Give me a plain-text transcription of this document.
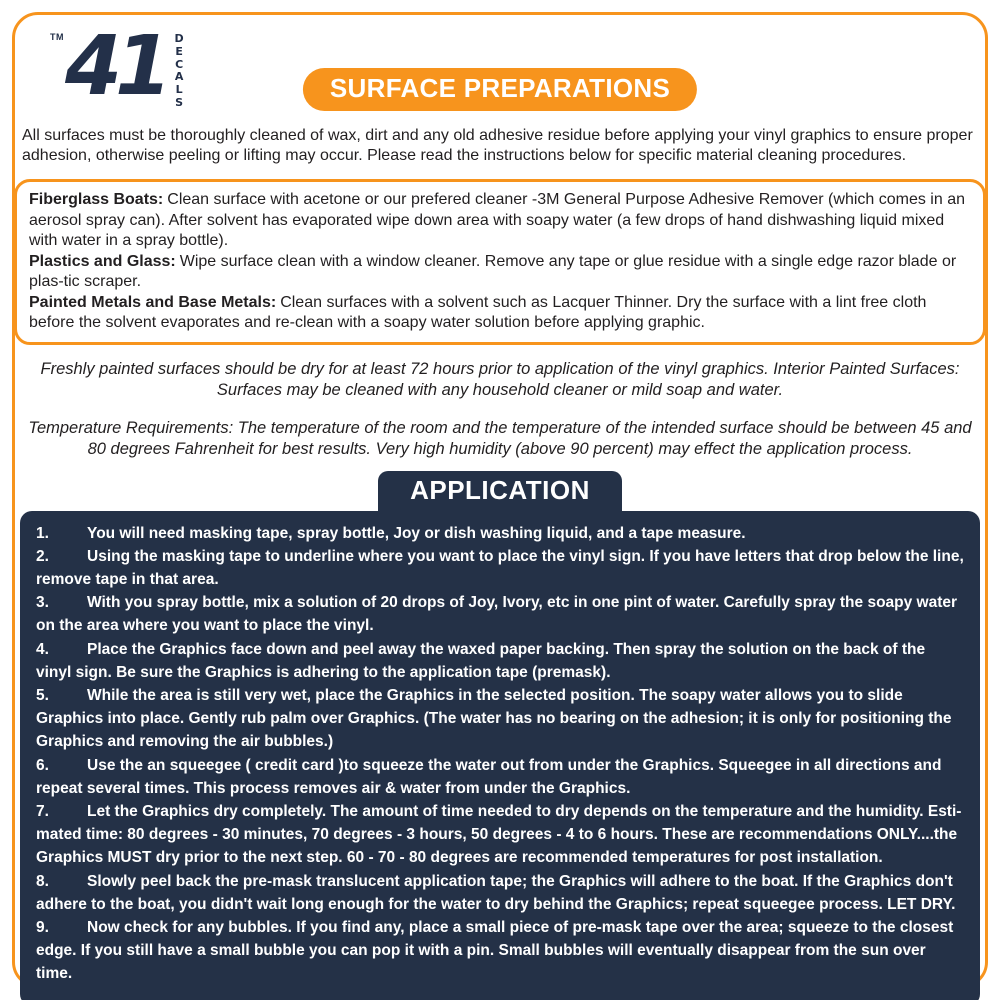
TM 41 DECALS	SURFACE PREPARATIONS

All surfaces must be thoroughly cleaned of wax, dirt and any old adhesive residue before applying your vinyl graphics to ensure proper adhesion, otherwise peeling or lifting may occur. Please read the instructions below for specific material cleaning procedures.

Fiberglass Boats: Clean surface with acetone or our prefered cleaner -3M General Purpose Adhesive Remover (which comes in an aerosol spray can). After solvent has evaporated wipe down area with soapy water (a few drops of hand dishwashing liquid mixed with water in a spray bottle).

Plastics and Glass: Wipe surface clean with a window cleaner. Remove any tape or glue residue with a single edge razor blade or plas-tic scraper.

Painted Metals and Base Metals: Clean surfaces with a solvent such as Lacquer Thinner. Dry the surface with a lint free cloth before the solvent evaporates and re-clean with a soapy water solution before applying graphic.

Freshly painted surfaces should be dry for at least 72 hours prior to application of the vinyl graphics. Interior Painted Surfaces: Surfaces may be cleaned with any household cleaner or mild soap and water.

Temperature Requirements: The temperature of the room and the temperature of the intended surface should be between 45 and 80 degrees Fahrenheit for best results. Very high humidity (above 90 percent) may effect the application process.

APPLICATION

1. You will need masking tape, spray bottle, Joy or dish washing liquid, and a tape measure.

2. Using the masking tape to underline where you want to place the vinyl sign. If you have letters that drop below the line, remove tape in that area.

3. With you spray bottle, mix a solution of 20 drops of Joy, Ivory, etc in one pint of water. Carefully spray the soapy water on the area where you want to place the vinyl.

4. Place the Graphics face down and peel away the waxed paper backing. Then spray the solution on the back of the vinyl sign. Be sure the Graphics is adhering to the application tape (premask).

5. While the area is still very wet, place the Graphics in the selected position. The soapy water allows you to slide Graphics into place. Gently rub palm over Graphics. (The water has no bearing on the adhesion; it is only for positioning the Graphics and removing the air bubbles.)

6. Use the an squeegee ( credit card )to squeeze the water out from under the Graphics. Squeegee in all directions and repeat several times. This process removes air & water from under the Graphics.

7. Let the Graphics dry completely. The amount of time needed to dry depends on the temperature and the humidity. Esti-mated time: 80 degrees - 30 minutes, 70 degrees - 3 hours, 50 degrees - 4 to 6 hours. These are recommendations ONLY....the Graphics MUST dry prior to the next step. 60 - 70 - 80 degrees are recommended temperatures for post installation.

8. Slowly peel back the pre-mask translucent application tape; the Graphics will adhere to the boat. If the Graphics don't adhere to the boat, you didn't wait long enough for the water to dry behind the Graphics; repeat squeegee process. LET DRY.

9. Now check for any bubbles. If you find any, place a small piece of pre-mask tape over the area; squeeze to the closest edge. If you still have a small bubble you can pop it with a pin. Small bubbles will eventually disappear from the sun over time.
